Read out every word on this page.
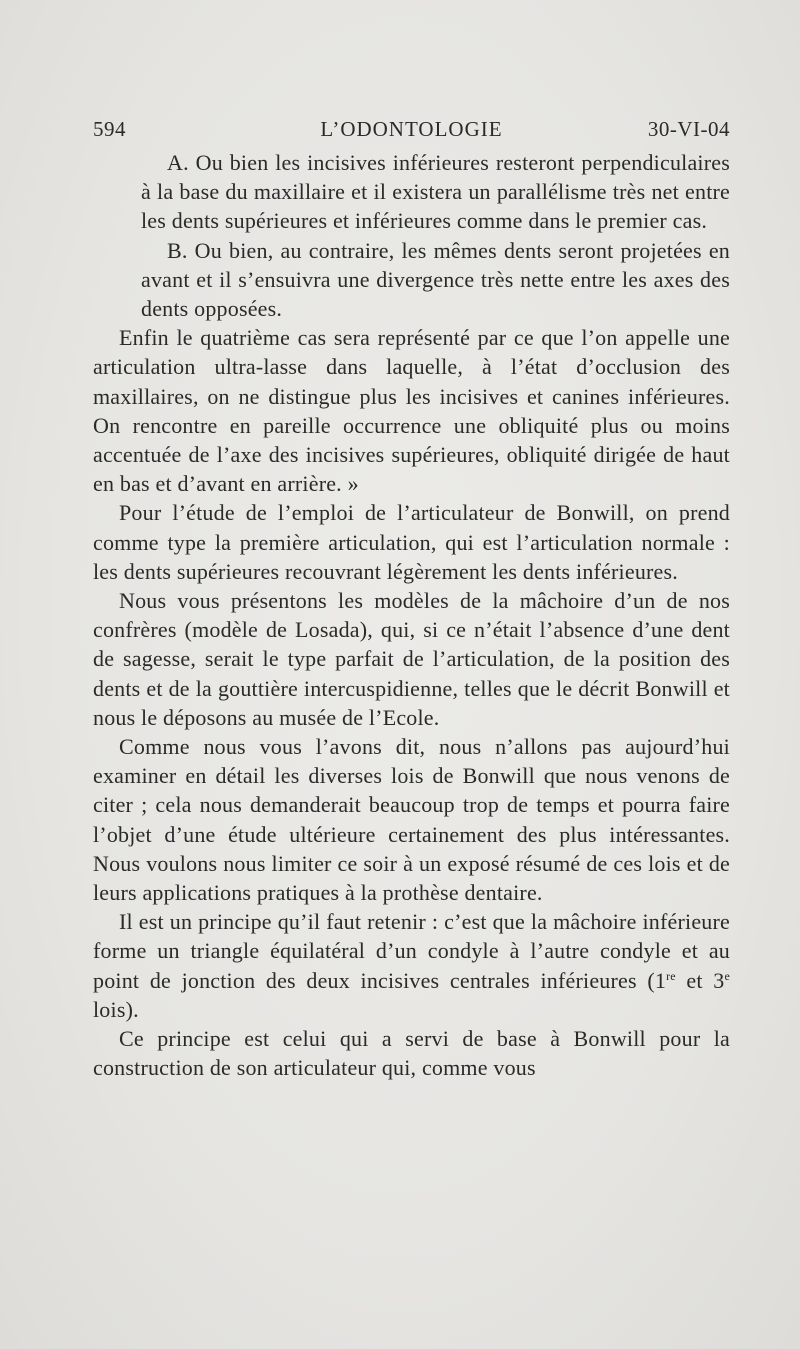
594	L’ODONTOLOGIE	30-VI-04

A. Ou bien les incisives inférieures resteront perpendiculaires à la base du maxillaire et il existera un parallélisme très net entre les dents supérieures et inférieures comme dans le premier cas.

B. Ou bien, au contraire, les mêmes dents seront projetées en avant et il s’ensuivra une divergence très nette entre les axes des dents opposées.

Enfin le quatrième cas sera représenté par ce que l’on appelle une articulation ultra-lasse dans laquelle, à l’état d’occlusion des maxillaires, on ne distingue plus les incisives et canines inférieures. On rencontre en pareille occurrence une obliquité plus ou moins accentuée de l’axe des incisives supérieures, obliquité dirigée de haut en bas et d’avant en arrière. »

Pour l’étude de l’emploi de l’articulateur de Bonwill, on prend comme type la première articulation, qui est l’articulation normale : les dents supérieures recouvrant légèrement les dents inférieures.

Nous vous présentons les modèles de la mâchoire d’un de nos confrères (modèle de Losada), qui, si ce n’était l’absence d’une dent de sagesse, serait le type parfait de l’articulation, de la position des dents et de la gouttière intercuspidienne, telles que le décrit Bonwill et nous le déposons au musée de l’Ecole.

Comme nous vous l’avons dit, nous n’allons pas aujourd’hui examiner en détail les diverses lois de Bonwill que nous venons de citer ; cela nous demanderait beaucoup trop de temps et pourra faire l’objet d’une étude ultérieure certainement des plus intéressantes. Nous voulons nous limiter ce soir à un exposé résumé de ces lois et de leurs applications pratiques à la prothèse dentaire.

Il est un principe qu’il faut retenir : c’est que la mâchoire inférieure forme un triangle équilatéral d’un condyle à l’autre condyle et au point de jonction des deux incisives centrales inférieures (1re et 3e lois).

Ce principe est celui qui a servi de base à Bonwill pour la construction de son articulateur qui, comme vous
